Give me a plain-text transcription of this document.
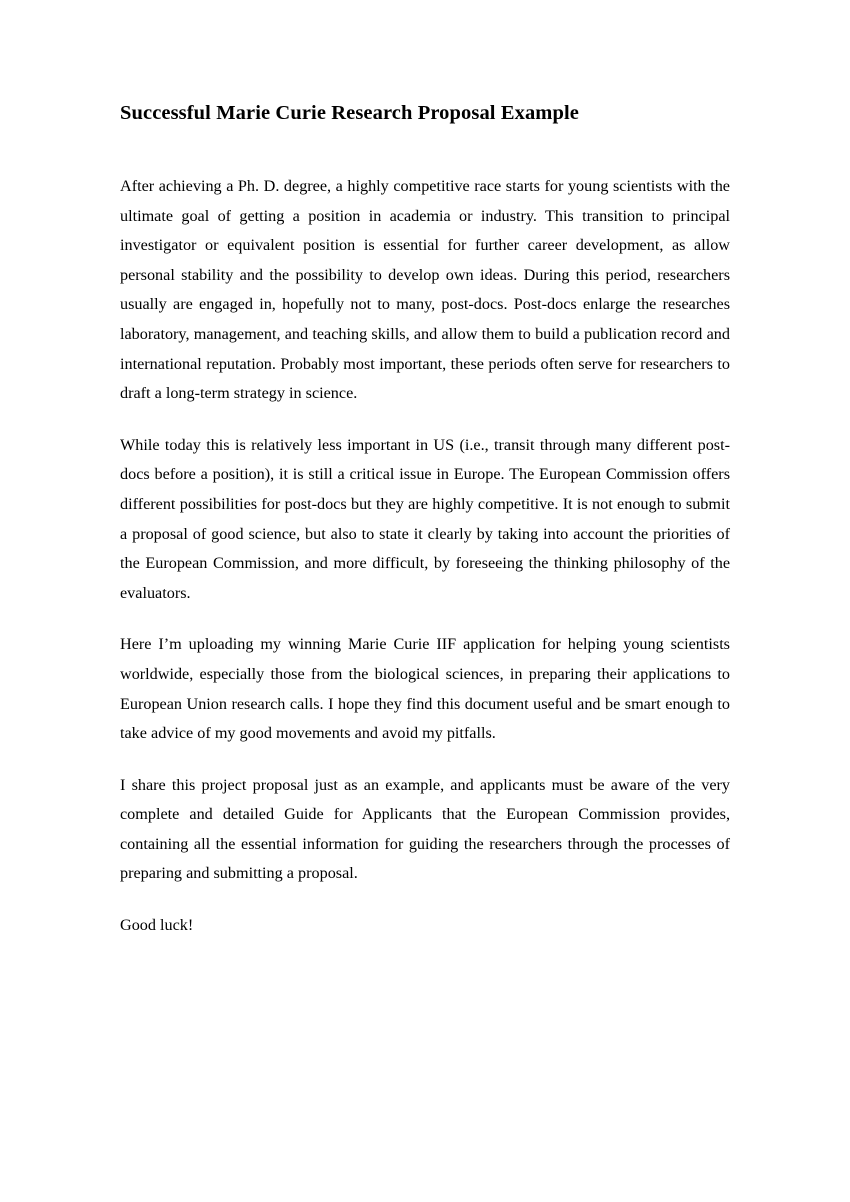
Successful Marie Curie Research Proposal Example

After achieving a Ph. D. degree, a highly competitive race starts for young scientists with the ultimate goal of getting a position in academia or industry. This transition to principal investigator or equivalent position is essential for further career development, as allow personal stability and the possibility to develop own ideas. During this period, researchers usually are engaged in, hopefully not to many, post-docs. Post-docs enlarge the researches laboratory, management, and teaching skills, and allow them to build a publication record and international reputation. Probably most important, these periods often serve for researchers to draft a long-term strategy in science.

While today this is relatively less important in US (i.e., transit through many different post-docs before a position), it is still a critical issue in Europe. The European Commission offers different possibilities for post-docs but they are highly competitive. It is not enough to submit a proposal of good science, but also to state it clearly by taking into account the priorities of the European Commission, and more difficult, by foreseeing the thinking philosophy of the evaluators.

Here I’m uploading my winning Marie Curie IIF application for helping young scientists worldwide, especially those from the biological sciences, in preparing their applications to European Union research calls. I hope they find this document useful and be smart enough to take advice of my good movements and avoid my pitfalls.

I share this project proposal just as an example, and applicants must be aware of the very complete and detailed Guide for Applicants that the European Commission provides, containing all the essential information for guiding the researchers through the processes of preparing and submitting a proposal.

Good luck!
